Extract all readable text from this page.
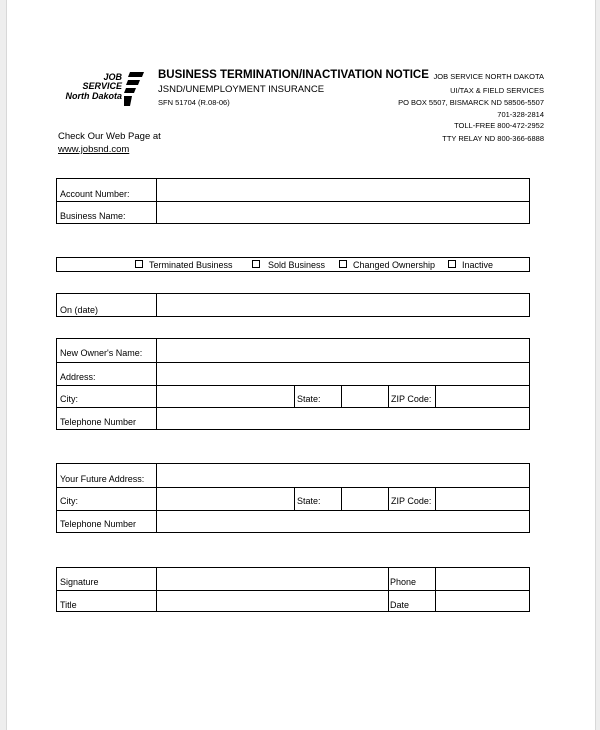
JOB
SERVICE
North Dakota
BUSINESS TERMINATION/INACTIVATION NOTICE
JSND/UNEMPLOYMENT INSURANCE
SFN 51704 (R.08-06)
JOB SERVICE NORTH DAKOTA
UI/TAX & FIELD SERVICES
PO BOX 5507, BISMARCK ND 58506-5507
701-328-2814
TOLL-FREE 800-472-2952
TTY RELAY ND 800-366-6888
Check Our Web Page at
www.jobsnd.com
Account Number:
Business Name:
Terminated Business	Sold Business	Changed Ownership	Inactive
On (date)
New Owner's Name:
Address:
City:	State:	ZIP Code:
Telephone Number
Your Future Address:
City:	State:	ZIP Code:
Telephone Number
Signature	Phone
Title	Date
